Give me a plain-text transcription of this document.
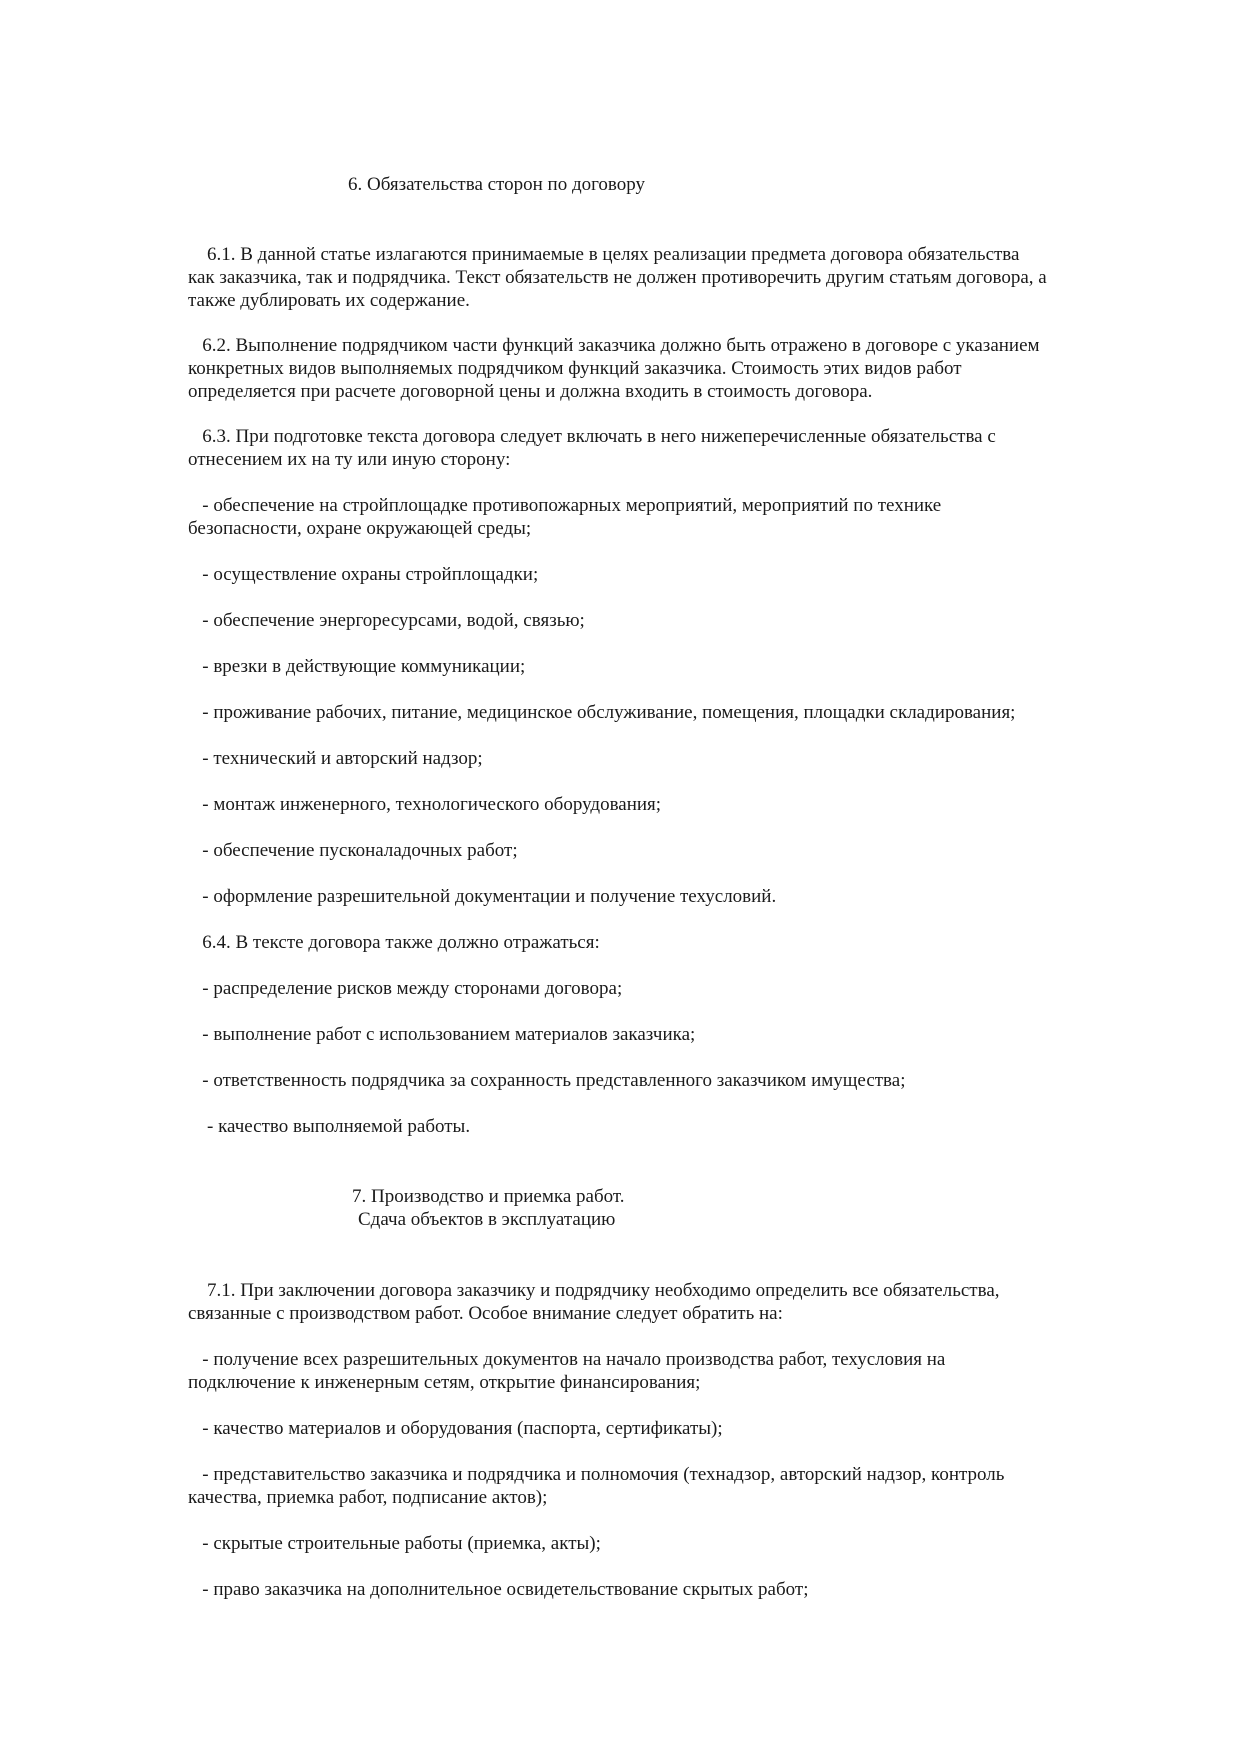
6. Обязательства сторон по договору
6.1. В данной статье излагаются принимаемые в целях реализации предмета договора обязательства
как заказчика, так и подрядчика. Текст обязательств не должен противоречить другим статьям договора, а
также дублировать их содержание.
6.2. Выполнение подрядчиком части функций заказчика должно быть отражено в договоре с указанием
конкретных видов выполняемых подрядчиком функций заказчика. Стоимость этих видов работ
определяется при расчете договорной цены и должна входить в стоимость договора.
6.3. При подготовке текста договора следует включать в него нижеперечисленные обязательства с
отнесением их на ту или иную сторону:
- обеспечение на стройплощадке противопожарных мероприятий, мероприятий по технике
безопасности, охране окружающей среды;
- осуществление охраны стройплощадки;
- обеспечение энергоресурсами, водой, связью;
- врезки в действующие коммуникации;
- проживание рабочих, питание, медицинское обслуживание, помещения, площадки складирования;
- технический и авторский надзор;
- монтаж инженерного, технологического оборудования;
- обеспечение пусконаладочных работ;
- оформление разрешительной документации и получение техусловий.
6.4. В тексте договора также должно отражаться:
- распределение рисков между сторонами договора;
- выполнение работ с использованием материалов заказчика;
- ответственность подрядчика за сохранность представленного заказчиком имущества;
- качество выполняемой работы.
7. Производство и приемка работ.
Сдача объектов в эксплуатацию
7.1. При заключении договора заказчику и подрядчику необходимо определить все обязательства,
связанные с производством работ. Особое внимание следует обратить на:
- получение всех разрешительных документов на начало производства работ, техусловия на
подключение к инженерным сетям, открытие финансирования;
- качество материалов и оборудования (паспорта, сертификаты);
- представительство заказчика и подрядчика и полномочия (технадзор, авторский надзор, контроль
качества, приемка работ, подписание актов);
- скрытые строительные работы (приемка, акты);
- право заказчика на дополнительное освидетельствование скрытых работ;
